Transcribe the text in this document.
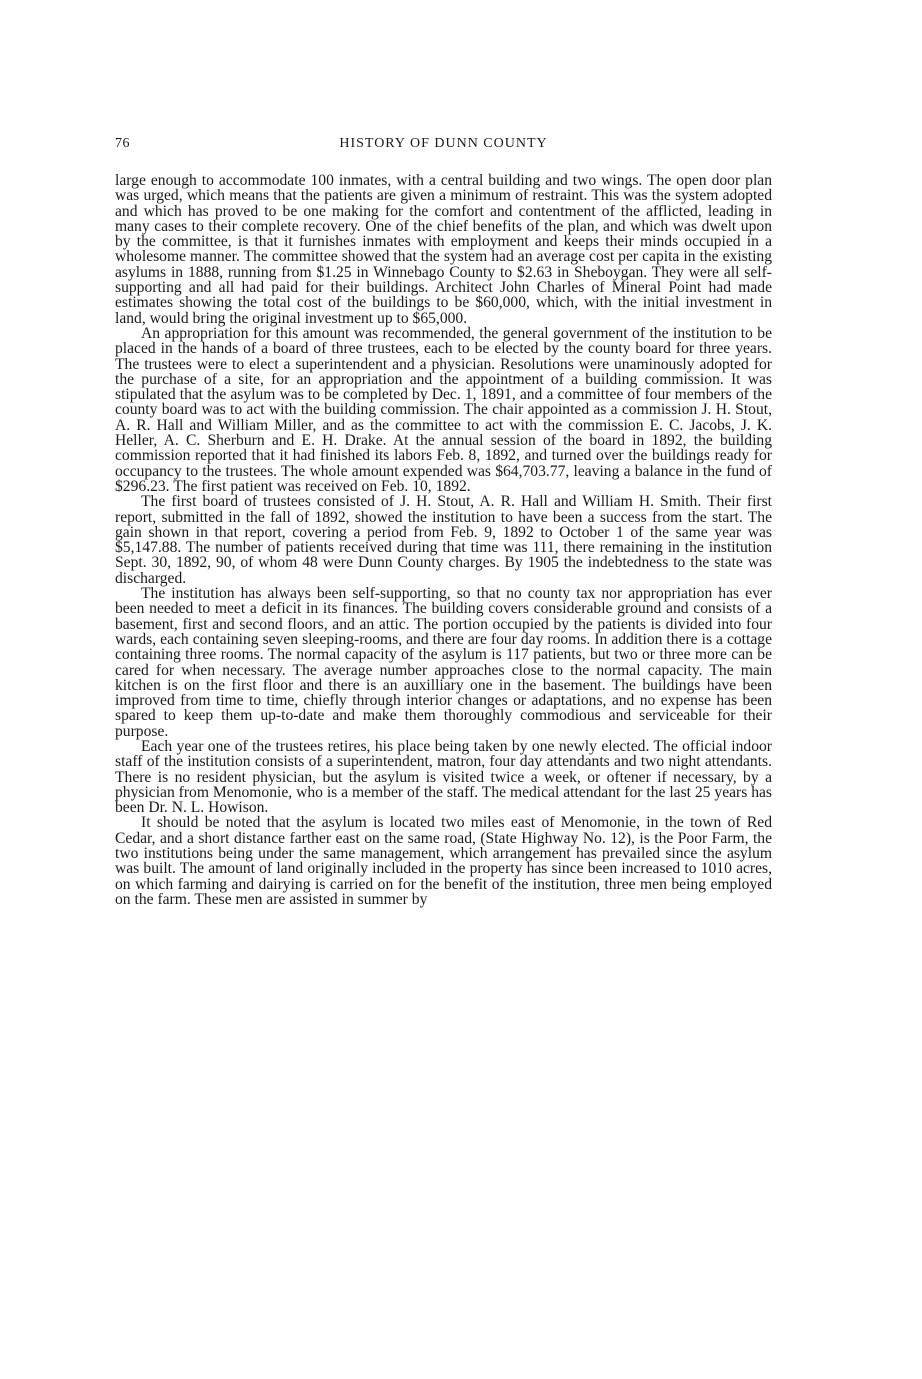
76	HISTORY OF DUNN COUNTY

large enough to accommodate 100 inmates, with a central building and two wings. The open door plan was urged, which means that the patients are given a minimum of restraint. This was the system adopted and which has proved to be one making for the comfort and contentment of the afflicted, leading in many cases to their complete recovery. One of the chief benefits of the plan, and which was dwelt upon by the committee, is that it furnishes inmates with employment and keeps their minds occupied in a wholesome manner. The committee showed that the system had an average cost per capita in the existing asylums in 1888, running from $1.25 in Winnebago County to $2.63 in Sheboygan. They were all self-supporting and all had paid for their buildings. Architect John Charles of Mineral Point had made estimates showing the total cost of the buildings to be $60,000, which, with the initial investment in land, would bring the original investment up to $65,000.

An appropriation for this amount was recommended, the general government of the institution to be placed in the hands of a board of three trustees, each to be elected by the county board for three years. The trustees were to elect a superintendent and a physician. Resolutions were unaminously adopted for the purchase of a site, for an appropriation and the appointment of a building commission. It was stipulated that the asylum was to be completed by Dec. 1, 1891, and a committee of four members of the county board was to act with the building commission. The chair appointed as a commission J. H. Stout, A. R. Hall and William Miller, and as the committee to act with the commission E. C. Jacobs, J. K. Heller, A. C. Sherburn and E. H. Drake. At the annual session of the board in 1892, the building commission reported that it had finished its labors Feb. 8, 1892, and turned over the buildings ready for occupancy to the trustees. The whole amount expended was $64,703.77, leaving a balance in the fund of $296.23. The first patient was received on Feb. 10, 1892.

The first board of trustees consisted of J. H. Stout, A. R. Hall and William H. Smith. Their first report, submitted in the fall of 1892, showed the institution to have been a success from the start. The gain shown in that report, covering a period from Feb. 9, 1892 to October 1 of the same year was $5,147.88. The number of patients received during that time was 111, there remaining in the institution Sept. 30, 1892, 90, of whom 48 were Dunn County charges. By 1905 the indebtedness to the state was discharged.

The institution has always been self-supporting, so that no county tax nor appropriation has ever been needed to meet a deficit in its finances. The building covers considerable ground and consists of a basement, first and second floors, and an attic. The portion occupied by the patients is divided into four wards, each containing seven sleeping-rooms, and there are four day rooms. In addition there is a cottage containing three rooms. The normal capacity of the asylum is 117 patients, but two or three more can be cared for when necessary. The average number approaches close to the normal capacity. The main kitchen is on the first floor and there is an auxilliary one in the basement. The buildings have been improved from time to time, chiefly through interior changes or adaptations, and no expense has been spared to keep them up-to-date and make them thoroughly commodious and serviceable for their purpose.

Each year one of the trustees retires, his place being taken by one newly elected. The official indoor staff of the institution consists of a superintendent, matron, four day attendants and two night attendants. There is no resident physician, but the asylum is visited twice a week, or oftener if necessary, by a physician from Menomonie, who is a member of the staff. The medical attendant for the last 25 years has been Dr. N. L. Howison.

It should be noted that the asylum is located two miles east of Menomonie, in the town of Red Cedar, and a short distance farther east on the same road, (State Highway No. 12), is the Poor Farm, the two institutions being under the same management, which arrangement has prevailed since the asylum was built. The amount of land originally included in the property has since been increased to 1010 acres, on which farming and dairying is carried on for the benefit of the institution, three men being employed on the farm. These men are assisted in summer by
